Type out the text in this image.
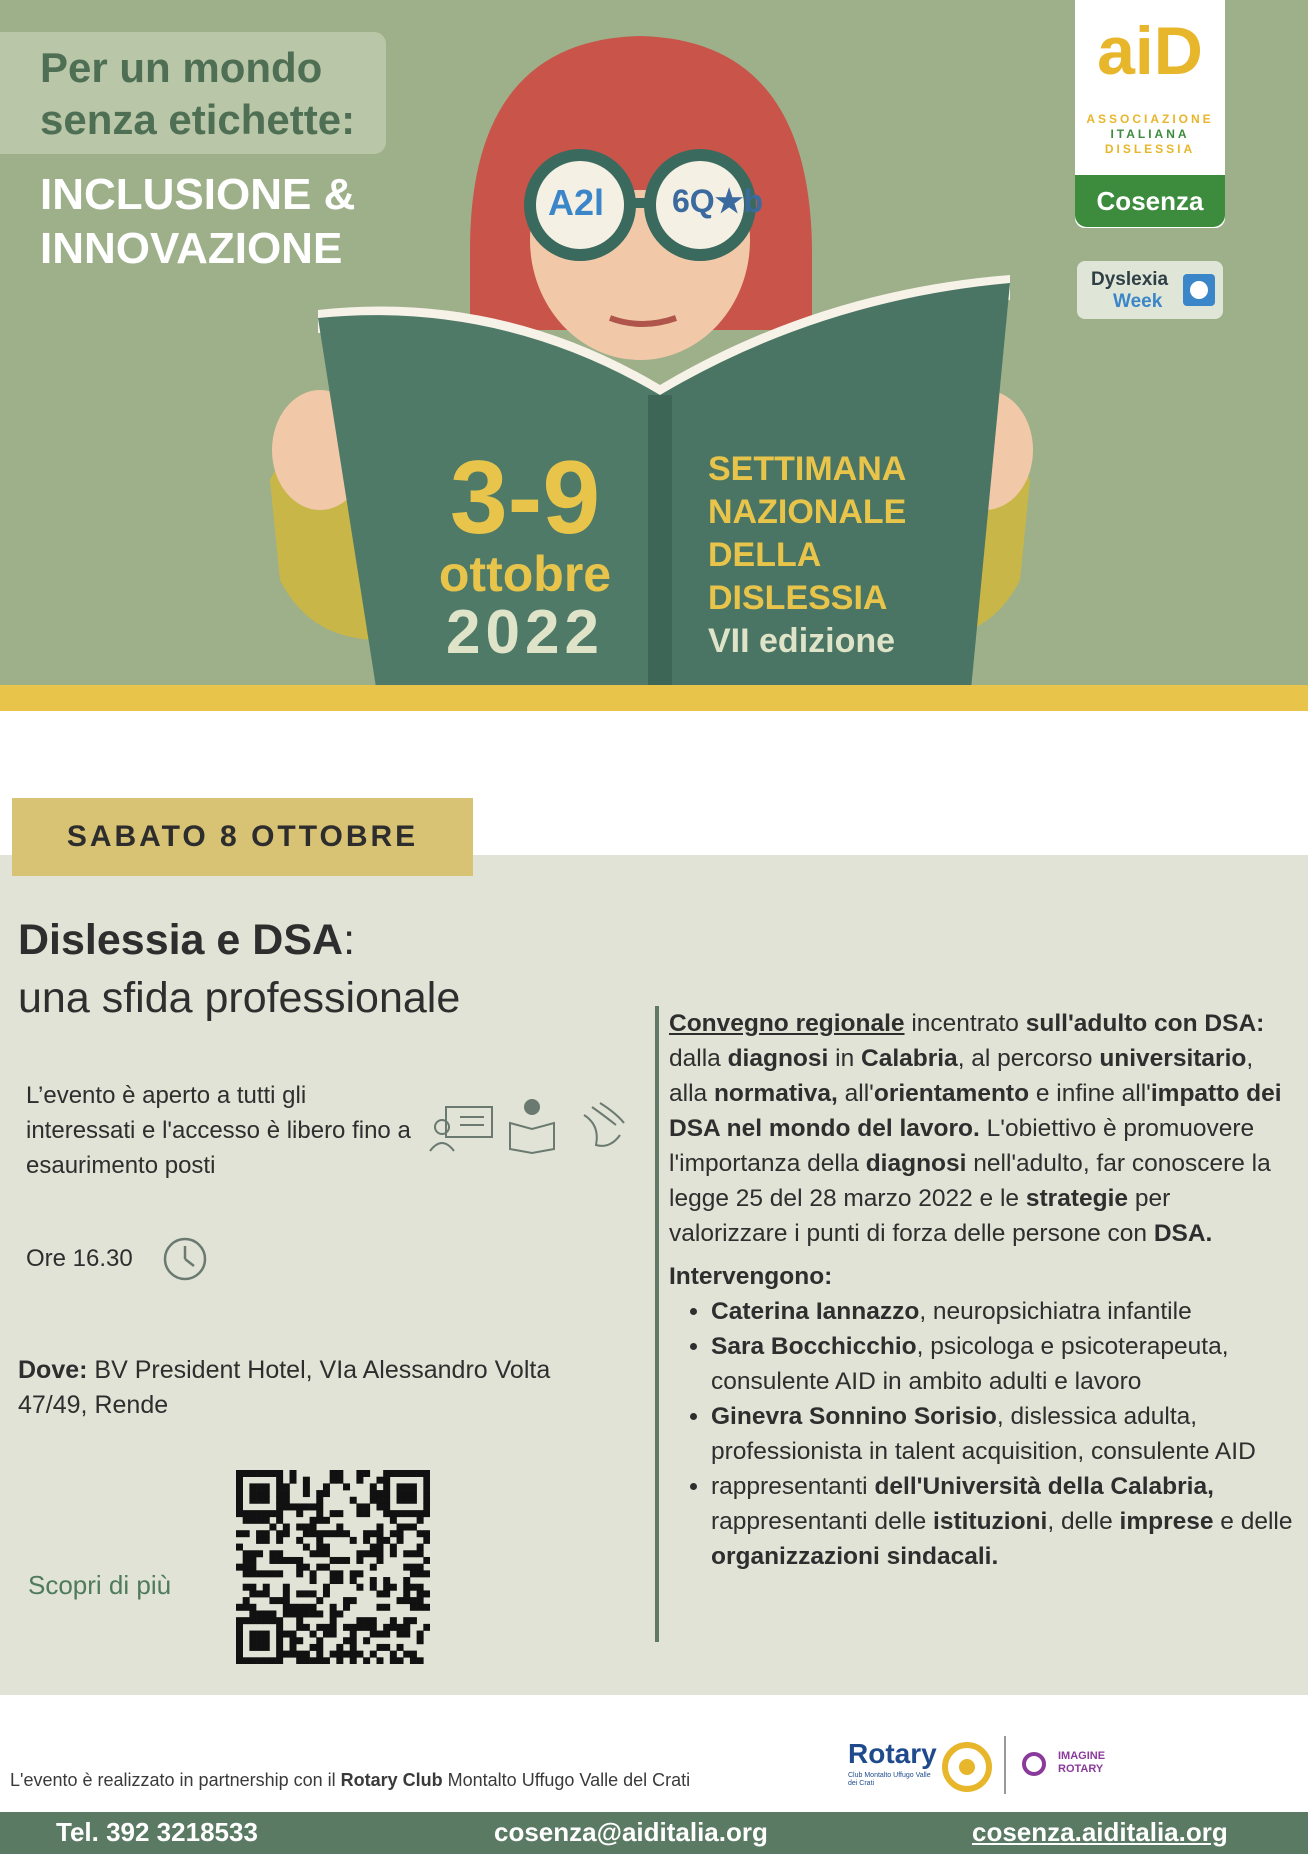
Per un mondo
senza etichette:
INCLUSIONE &
INNOVAZIONE
aiD
ASSOCIAZIONE
ITALIANA
DISLESSIA
Cosenza
Dyslexia
Week
A2l 6Q★b
3-9
ottobre
2022
SETTIMANA
NAZIONALE
DELLA
DISLESSIA
VII edizione
SABATO 8 OTTOBRE
Dislessia e DSA:
una sfida professionale
L’evento è aperto a tutti gli interessati e l'accesso è libero fino a esaurimento posti
Ore 16.30
Dove: BV President Hotel, VIa Alessandro Volta 47/49, Rende
Scopri di più
Convegno regionale incentrato sull'adulto con DSA: dalla diagnosi in Calabria, al percorso universitario, alla normativa, all'orientamento e infine all'impatto dei DSA nel mondo del lavoro. L'obiettivo è promuovere l'importanza della diagnosi nell'adulto, far conoscere la legge 25 del 28 marzo 2022 e le strategie per valorizzare i punti di forza delle persone con DSA.
Intervengono:
• Caterina Iannazzo, neuropsichiatra infantile
• Sara Bocchicchio, psicologa e psicoterapeuta, consulente AID in ambito adulti e lavoro
• Ginevra Sonnino Sorisio, dislessica adulta, professionista in talent acquisition, consulente AID
• rappresentanti dell'Università della Calabria, rappresentanti delle istituzioni, delle imprese e delle organizzazioni sindacali.
L'evento è realizzato in partnership con il Rotary Club Montalto Uffugo Valle del Crati
Rotary
Club Montalto Uffugo Valle dei Crati
IMAGINE
ROTARY
Tel. 392 3218533	cosenza@aiditalia.org	cosenza.aiditalia.org
